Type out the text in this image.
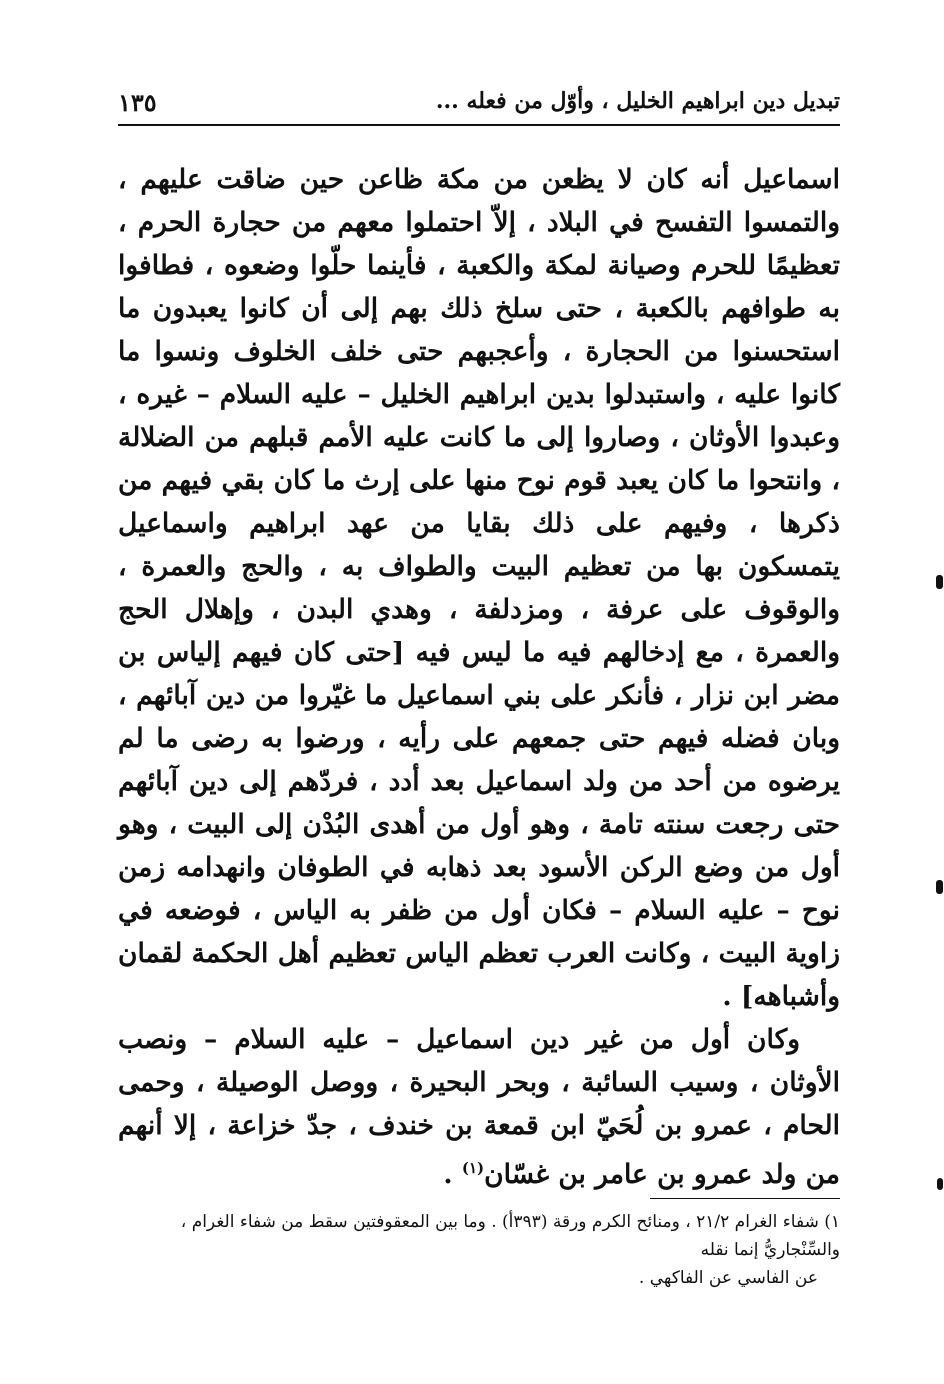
تبديل دين ابراهيم الخليل ، وأوّل من فعله ...
١٣٥

اسماعيل أنه كان لا يظعن من مكة ظاعن حين ضاقت عليهم ، والتمسوا التفسح في البلاد ، إلاّ احتملوا معهم من حجارة الحرم ، تعظيمًا للحرم وصيانة لمكة والكعبة ، فأينما حلّوا وضعوه ، فطافوا به طوافهم بالكعبة ، حتى سلخ ذلك بهم إلى أن كانوا يعبدون ما استحسنوا من الحجارة ، وأعجبهم حتى خلف الخلوف ونسوا ما كانوا عليه ، واستبدلوا بدين ابراهيم الخليل – عليه السلام – غيره ، وعبدوا الأوثان ، وصاروا إلى ما كانت عليه الأمم قبلهم من الضلالة ، وانتحوا ما كان يعبد قوم نوح منها على إرث ما كان بقي فيهم من ذكرها ، وفيهم على ذلك بقايا من عهد ابراهيم واسماعيل يتمسكون بها من تعظيم البيت والطواف به ، والحج والعمرة ، والوقوف على عرفة ، ومزدلفة ، وهدي البدن ، وإهلال الحج والعمرة ، مع إدخالهم فيه ما ليس فيه [حتى كان فيهم إلياس بن مضر ابن نزار ، فأنكر على بني اسماعيل ما غيّروا من دين آبائهم ، وبان فضله فيهم حتى جمعهم على رأيه ، ورضوا به رضى ما لم يرضوه من أحد من ولد اسماعيل بعد أدد ، فردّهم إلى دين آبائهم حتى رجعت سنته تامة ، وهو أول من أهدى البُدْن إلى البيت ، وهو أول من وضع الركن الأسود بعد ذهابه في الطوفان وانهدامه زمن نوح – عليه السلام – فكان أول من ظفر به الياس ، فوضعه في زاوية البيت ، وكانت العرب تعظم الياس تعظيم أهل الحكمة لقمان وأشباهه] .

وكان أول من غير دين اسماعيل – عليه السلام – ونصب الأوثان ، وسيب السائبة ، وبحر البحيرة ، ووصل الوصيلة ، وحمى الحام ، عمرو بن لُحَيّ ابن قمعة بن خندف ، جدّ خزاعة ، إلا أنهم من ولد عمرو بن عامر بن غسّان$^{(١)}$ .

١) شفاء الغرام ٢١/٢ ، ومنائح الكرم ورقة (٣٩٣أ) . وما بين المعقوفتين سقط من شفاء الغرام ، والسِّنْجاريُّ إنما نقله

عن الفاسي عن الفاكهي .
